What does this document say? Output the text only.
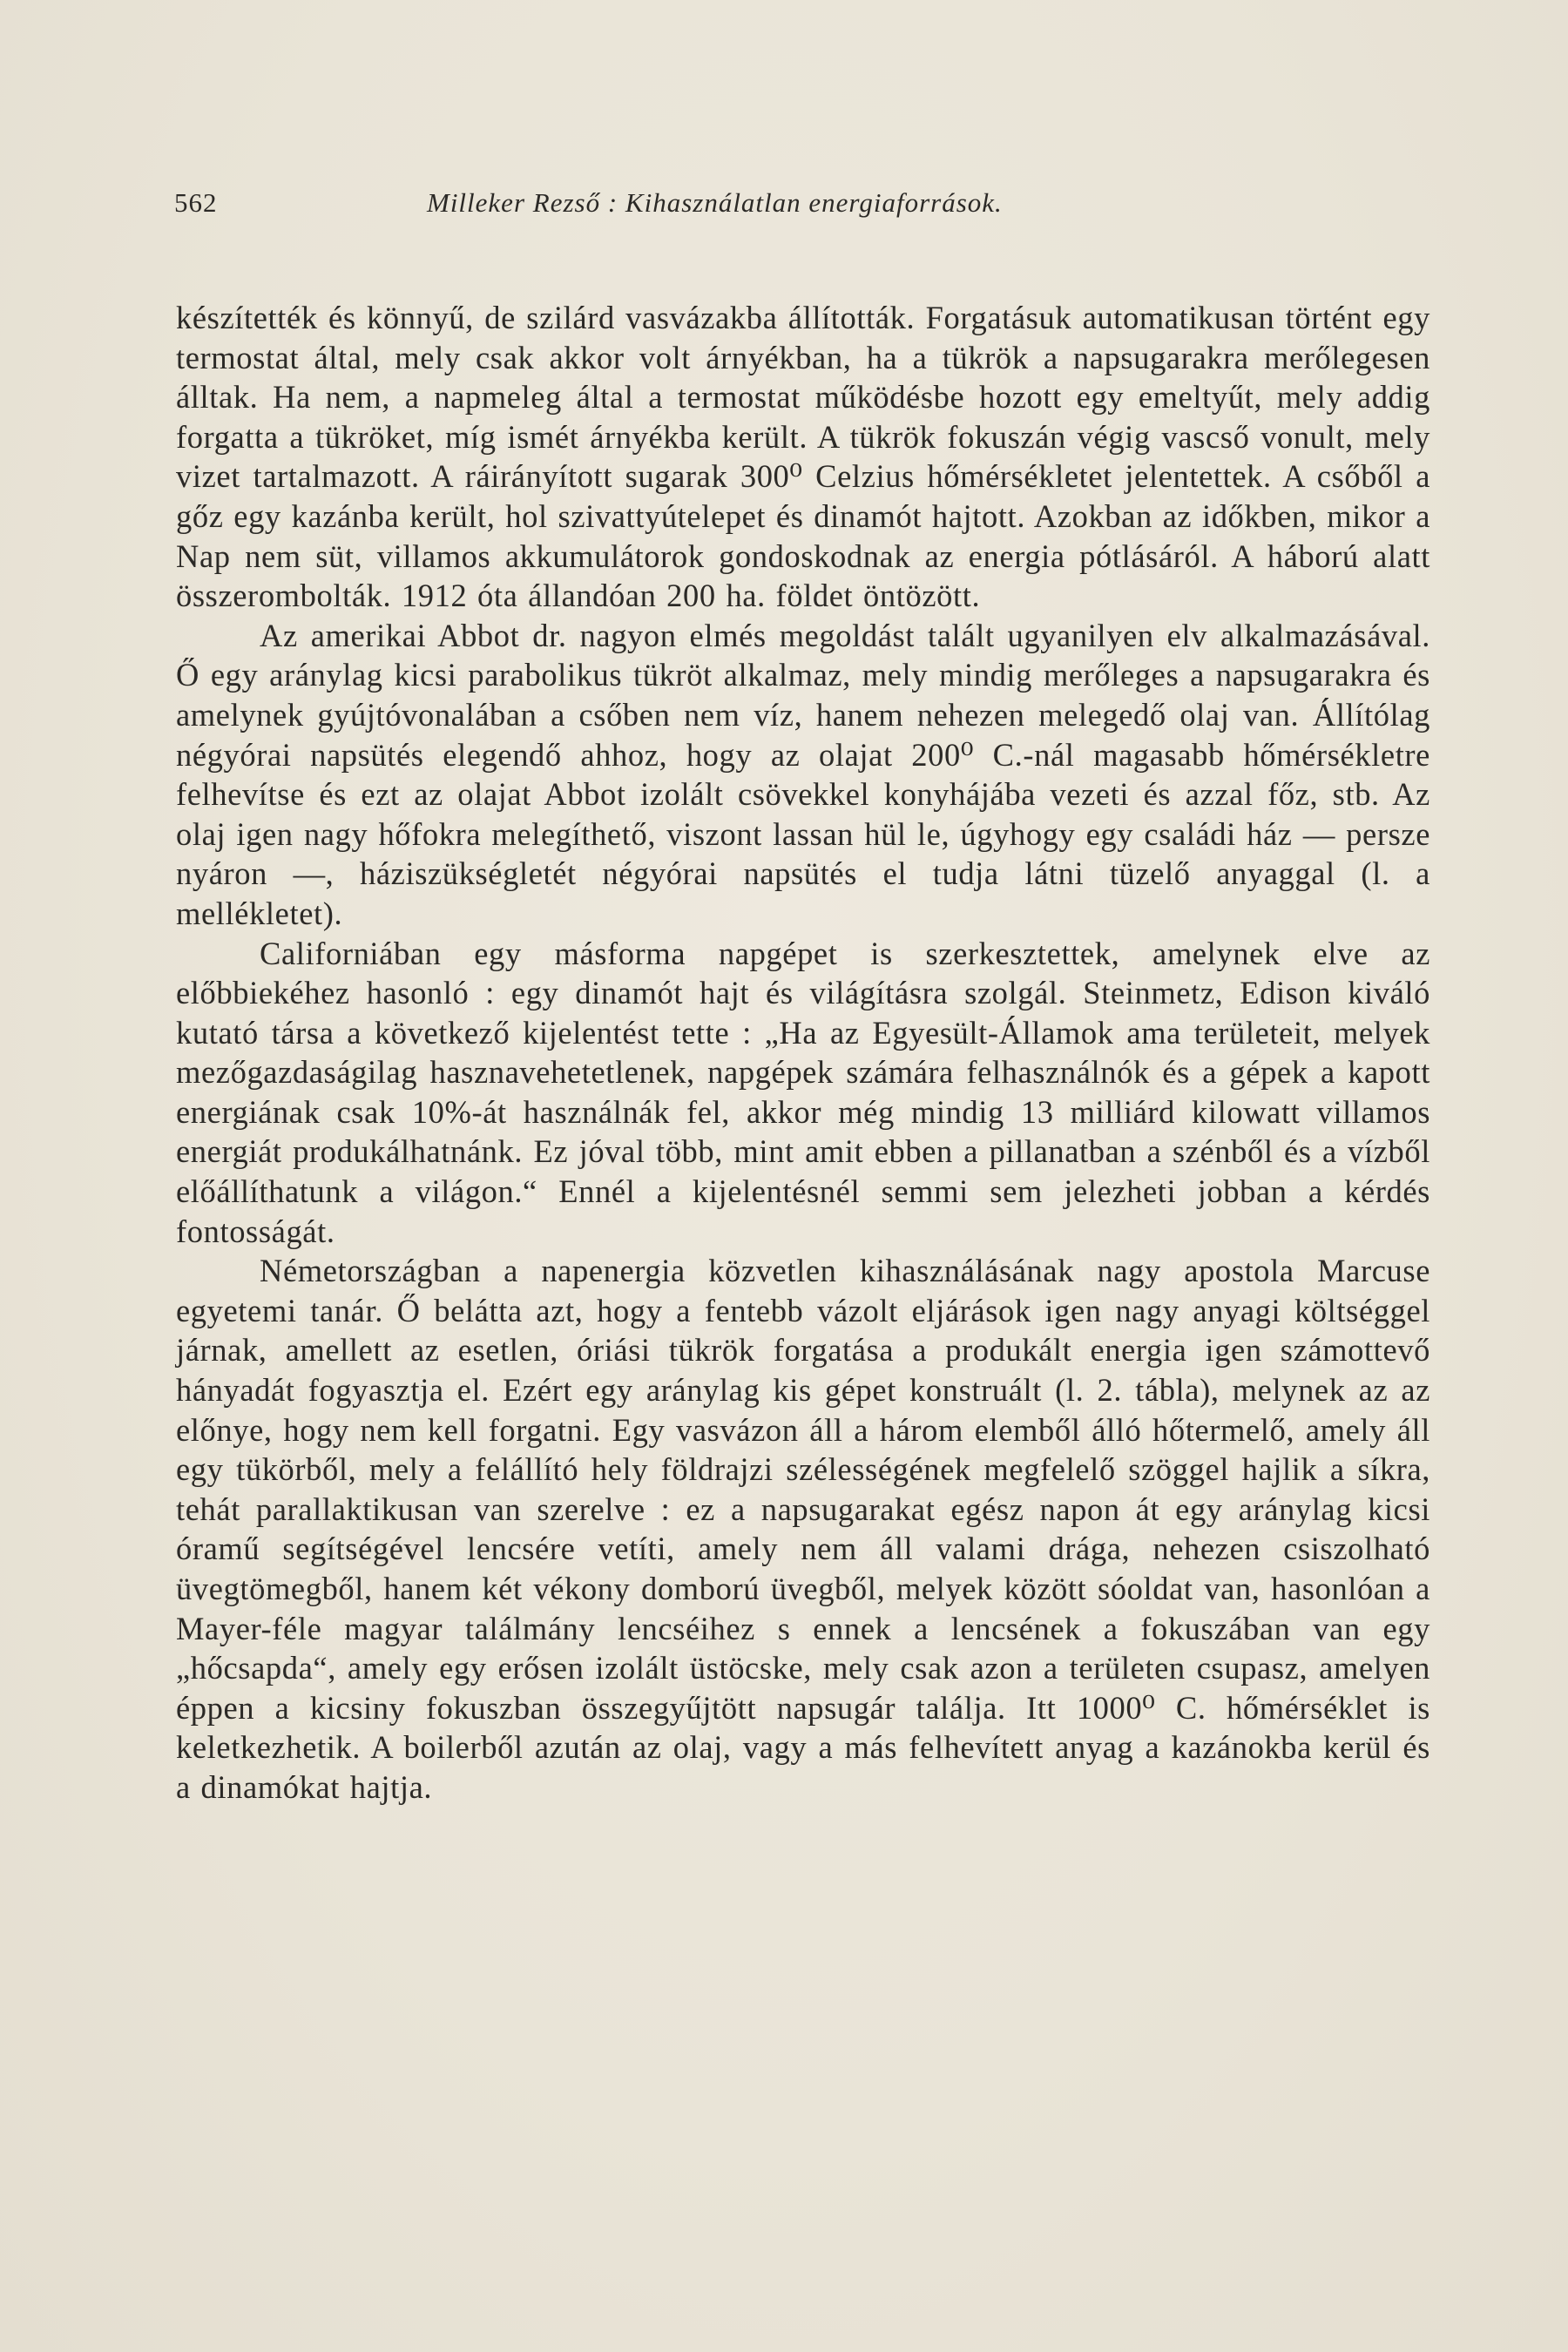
562	Milleker Rezső : Kihasználatlan energiaforrások.

készítették és könnyű, de szilárd vasvázakba állították. Forgatásuk automatikusan történt egy termostat által, mely csak akkor volt árnyékban, ha a tükrök a napsugarakra merőlegesen álltak. Ha nem, a napmeleg által a termostat működésbe hozott egy emeltyűt, mely addig forgatta a tükröket, míg ismét árnyékba került. A tükrök fokuszán végig vascső vonult, mely vizet tartalmazott. A ráirányított sugarak 300⁰ Celzius hőmérsékletet jelentettek. A csőből a gőz egy kazánba került, hol szivattyútelepet és dinamót hajtott. Azokban az időkben, mikor a Nap nem süt, villamos akkumulátorok gondoskodnak az energia pótlásáról. A háború alatt összerombolták. 1912 óta állandóan 200 ha. földet öntözött.

Az amerikai Abbot dr. nagyon elmés megoldást talált ugyanilyen elv alkalmazásával. Ő egy aránylag kicsi parabolikus tükröt alkalmaz, mely mindig merőleges a napsugarakra és amelynek gyújtóvonalában a csőben nem víz, hanem nehezen melegedő olaj van. Állítólag négyórai napsütés elegendő ahhoz, hogy az olajat 200⁰ C.-nál magasabb hőmérsékletre felhevítse és ezt az olajat Abbot izolált csövekkel konyhájába vezeti és azzal főz, stb. Az olaj igen nagy hőfokra melegíthető, viszont lassan hül le, úgyhogy egy családi ház — persze nyáron —, háziszükségletét négyórai napsütés el tudja látni tüzelő anyaggal (l. a mellékletet).

Californiában egy másforma napgépet is szerkesztettek, amelynek elve az előbbiekéhez hasonló : egy dinamót hajt és világításra szolgál. Steinmetz, Edison kiváló kutató társa a következő kijelentést tette : „Ha az Egyesült-Államok ama területeit, melyek mezőgazdaságilag hasznavehetetlenek, napgépek számára felhasználnók és a gépek a kapott energiának csak 10%-át használnák fel, akkor még mindig 13 milliárd kilowatt villamos energiát produkálhatnánk. Ez jóval több, mint amit ebben a pillanatban a szénből és a vízből előállíthatunk a világon.“ Ennél a kijelentésnél semmi sem jelezheti jobban a kérdés fontosságát.

Németországban a napenergia közvetlen kihasználásának nagy apostola Marcuse egyetemi tanár. Ő belátta azt, hogy a fentebb vázolt eljárások igen nagy anyagi költséggel járnak, amellett az esetlen, óriási tükrök forgatása a produkált energia igen számottevő hányadát fogyasztja el. Ezért egy aránylag kis gépet konstruált (l. 2. tábla), melynek az az előnye, hogy nem kell forgatni. Egy vasvázon áll a három elemből álló hőtermelő, amely áll egy tükörből, mely a felállító hely földrajzi szélességének megfelelő szöggel hajlik a síkra, tehát parallaktikusan van szerelve : ez a napsugarakat egész napon át egy aránylag kicsi óramű segítségével lencsére vetíti, amely nem áll valami drága, nehezen csiszolható üvegtömegből, hanem két vékony domború üvegből, melyek között sóoldat van, hasonlóan a Mayer-féle magyar találmány lencséihez s ennek a lencsének a fokuszában van egy „hőcsapda“, amely egy erősen izolált üstöcske, mely csak azon a területen csupasz, amelyen éppen a kicsiny fokuszban összegyűjtött napsugár találja. Itt 1000⁰ C. hőmérséklet is keletkezhetik. A boilerből azután az olaj, vagy a más felhevített anyag a kazánokba kerül és a dinamókat hajtja.
